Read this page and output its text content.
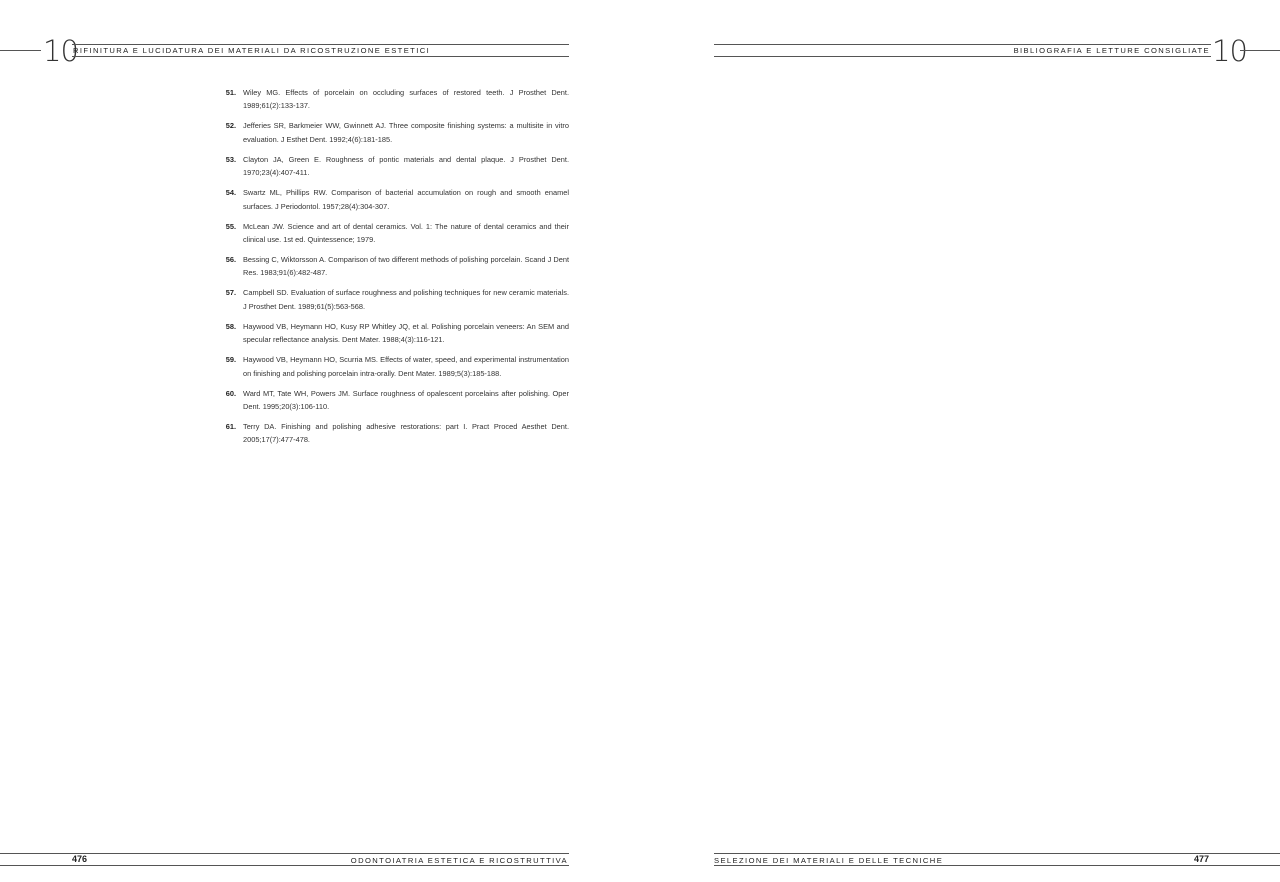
10
RIFINITURA E LUCIDATURA DEI MATERIALI DA RICOSTRUZIONE ESTETICI	BIBLIOGRAFIA E LETTURE CONSIGLIATE 10
51. Wiley MG. Effects of porcelain on occluding surfaces of restored teeth. J Prosthet Dent. 1989;61(2):133-137.
52. Jefferies SR, Barkmeier WW, Gwinnett AJ. Three composite finishing systems: a multisite in vitro evaluation. J Esthet Dent. 1992;4(6):181-185.
53. Clayton JA, Green E. Roughness of pontic materials and dental plaque. J Prosthet Dent. 1970;23(4):407-411.
54. Swartz ML, Phillips RW. Comparison of bacterial accumulation on rough and smooth enamel surfaces. J Periodontol. 1957;28(4):304-307.
55. McLean JW. Science and art of dental ceramics. Vol. 1: The nature of dental ceramics and their clinical use. 1st ed. Quintessence; 1979.
56. Bessing C, Wiktorsson A. Comparison of two different methods of polishing porcelain. Scand J Dent Res. 1983;91(6):482-487.
57. Campbell SD. Evaluation of surface roughness and polishing techniques for new ceramic materials. J Prosthet Dent. 1989;61(5):563-568.
58. Haywood VB, Heymann HO, Kusy RP Whitley JQ, et al. Polishing porcelain veneers: An SEM and specular reflectance analysis. Dent Mater. 1988;4(3):116-121.
59. Haywood VB, Heymann HO, Scurria MS. Effects of water, speed, and experimental instrumentation on finishing and polishing porcelain intra-orally. Dent Mater. 1989;5(3):185-188.
60. Ward MT, Tate WH, Powers JM. Surface roughness of opalescent porcelains after polishing. Oper Dent. 1995;20(3):106-110.
61. Terry DA. Finishing and polishing adhesive restorations: part I. Pract Proced Aesthet Dent. 2005;17(7):477-478.
476	ODONTOIATRIA ESTETICA E RICOSTRUTTIVA	SELEZIONE DEI MATERIALI E DELLE TECNICHE	477
